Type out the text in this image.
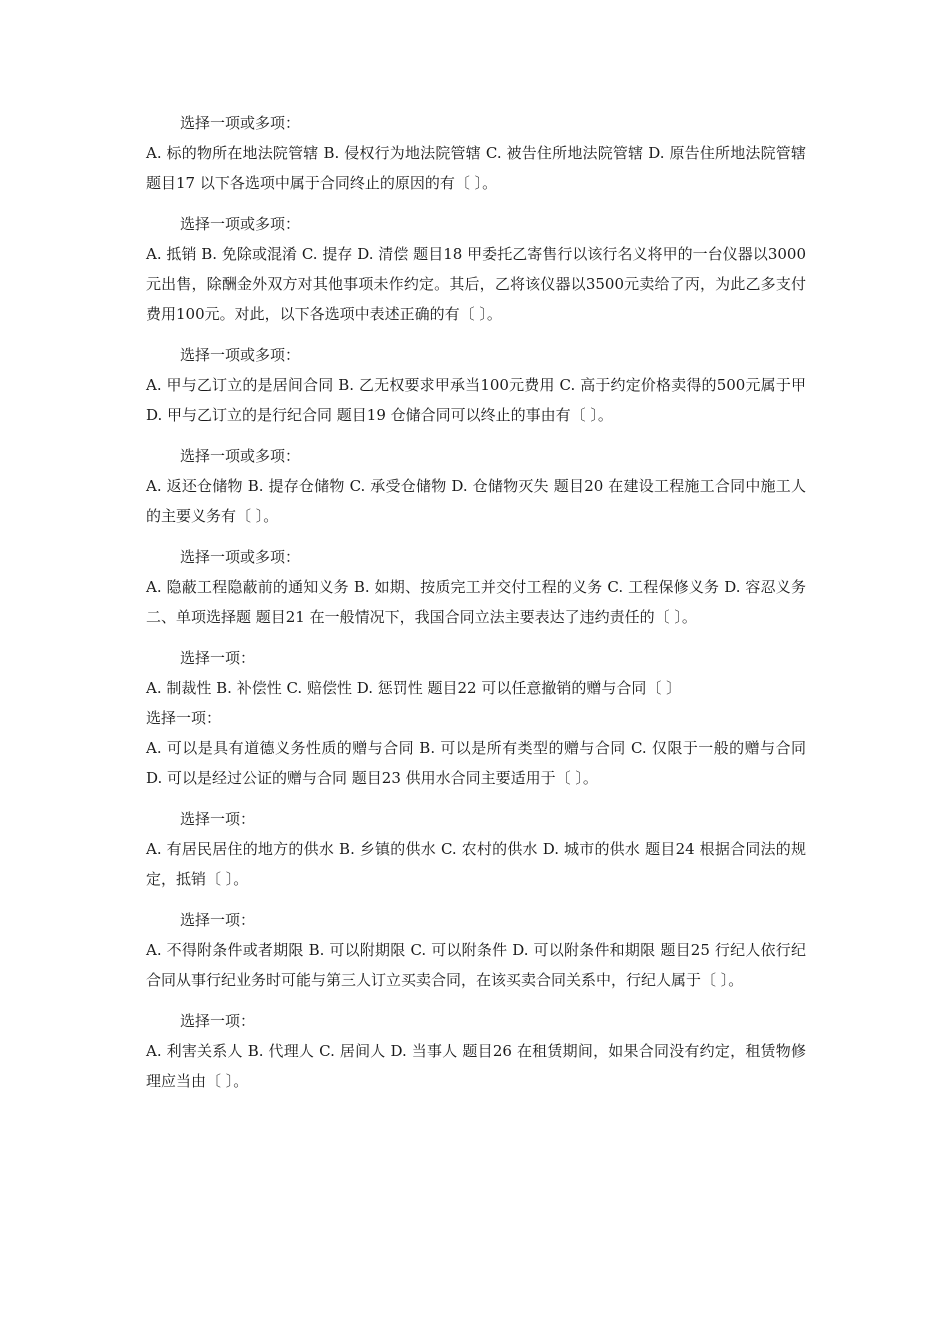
选择一项或多项：
A. 标的物所在地法院管辖 B. 侵权行为地法院管辖 C. 被告住所地法院管辖 D. 原告住所地法院管辖 题目17 以下各选项中属于合同终止的原因的有〔 〕。
选择一项或多项：
A. 抵销 B. 免除或混淆 C. 提存 D. 清偿 题目18 甲委托乙寄售行以该行名义将甲的一台仪器以3000元出售，除酬金外双方对其他事项未作约定。其后，乙将该仪器以3500元卖给了丙，为此乙多支付费用100元。对此，以下各选项中表述正确的有〔 〕。
选择一项或多项：
A. 甲与乙订立的是居间合同 B. 乙无权要求甲承当100元费用 C. 高于约定价格卖得的500元属于甲 D. 甲与乙订立的是行纪合同 题目19 仓储合同可以终止的事由有〔 〕。
选择一项或多项：
A. 返还仓储物 B. 提存仓储物 C. 承受仓储物 D. 仓储物灭失 题目20 在建设工程施工合同中施工人的主要义务有〔 〕。
选择一项或多项：
A. 隐蔽工程隐蔽前的通知义务 B. 如期、按质完工并交付工程的义务 C. 工程保修义务 D. 容忍义务 二、单项选择题 题目21 在一般情况下，我国合同立法主要表达了违约责任的〔 〕。
选择一项：
A. 制裁性 B. 补偿性 C. 赔偿性 D. 惩罚性 题目22 可以任意撤销的赠与合同〔 〕
选择一项：
A. 可以是具有道德义务性质的赠与合同 B. 可以是所有类型的赠与合同 C. 仅限于一般的赠与合同 D. 可以是经过公证的赠与合同 题目23 供用水合同主要适用于〔 〕。
选择一项：
A. 有居民居住的地方的供水 B. 乡镇的供水 C. 农村的供水 D. 城市的供水 题目24 根据合同法的规定，抵销〔 〕。
选择一项：
A. 不得附条件或者期限 B. 可以附期限 C. 可以附条件 D. 可以附条件和期限 题目25 行纪人依行纪合同从事行纪业务时可能与第三人订立买卖合同，在该买卖合同关系中，行纪人属于〔 〕。
选择一项：
A. 利害关系人 B. 代理人 C. 居间人 D. 当事人 题目26 在租赁期间，如果合同没有约定，租赁物修理应当由〔 〕。
